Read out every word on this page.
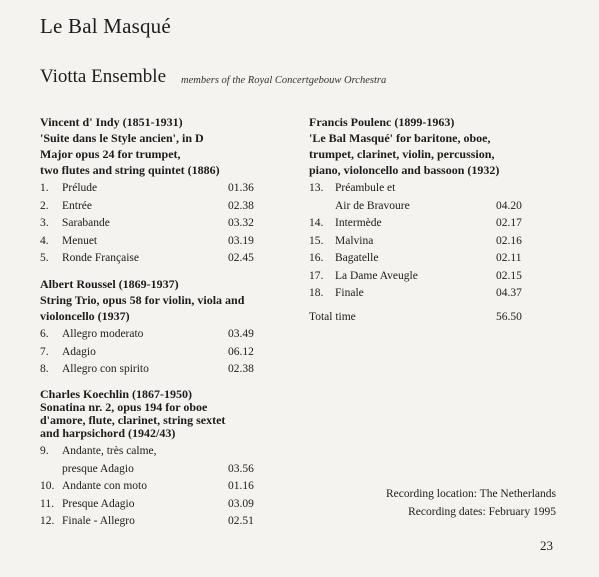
Le Bal Masqué
Viotta Ensemble members of the Royal Concertgebouw Orchestra
Vincent d' Indy (1851-1931)
'Suite dans le Style ancien', in D
Major opus 24 for trumpet,
two flutes and string quintet (1886)
1. Prélude	01.36
2. Entrée	02.38
3. Sarabande	03.32
4. Menuet	03.19
5. Ronde Française	02.45
Albert Roussel (1869-1937)
String Trio, opus 58 for violin, viola and
violoncello (1937)
6. Allegro moderato	03.49
7. Adagio	06.12
8. Allegro con spirito	02.38
Charles Koechlin (1867-1950)
Sonatina nr. 2, opus 194 for oboe
d'amore, flute, clarinet, string sextet
and harpsichord (1942/43)
9. Andante, très calme,
presque Adagio	03.56
10. Andante con moto	01.16
11. Presque Adagio	03.09
12. Finale - Allegro	02.51
Francis Poulenc (1899-1963)
'Le Bal Masqué' for baritone, oboe,
trumpet, clarinet, violin, percussion,
piano, violoncello and bassoon (1932)
13. Préambule et
Air de Bravoure	04.20
14. Intermède	02.17
15. Malvina	02.16
16. Bagatelle	02.11
17. La Dame Aveugle	02.15
18. Finale	04.37
Total time	56.50
Recording location: The Netherlands
Recording dates: February 1995
23
